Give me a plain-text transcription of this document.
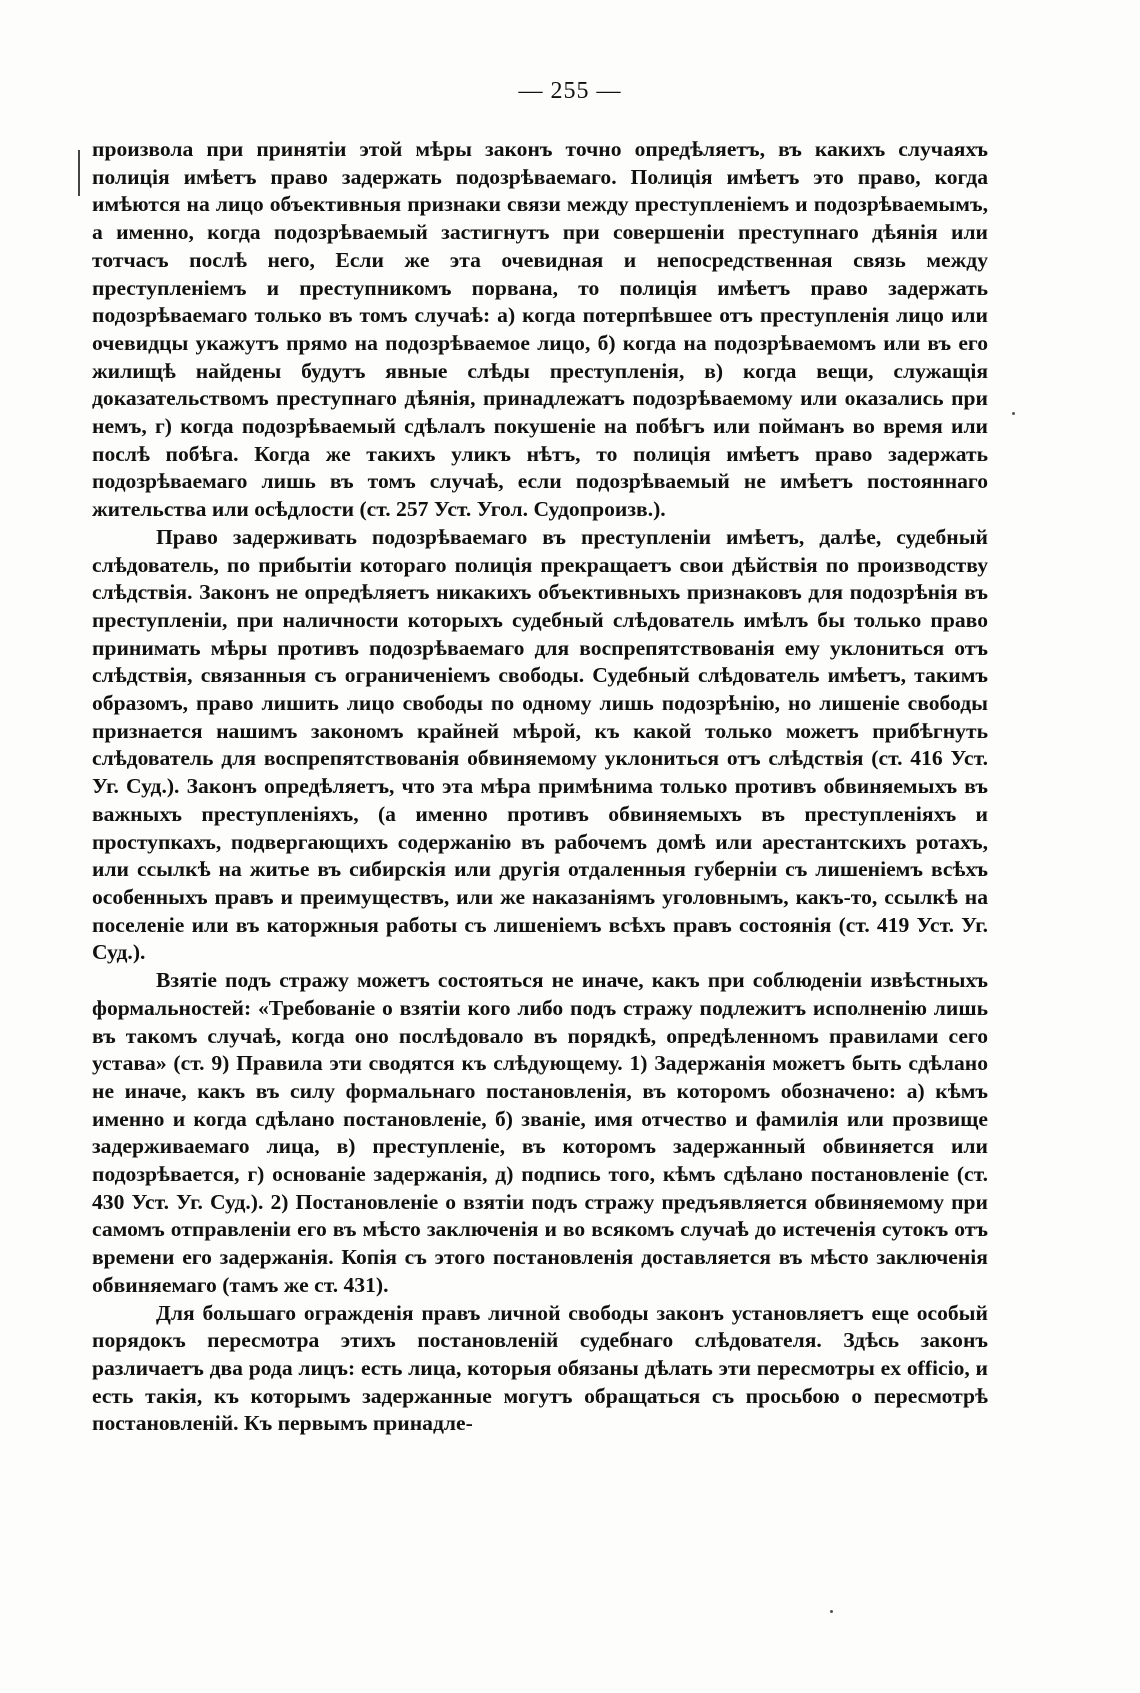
— 255 —

произвола при принятіи этой мѣры законъ точно опредѣляетъ, въ какихъ случаяхъ полиція имѣетъ право задержать подозрѣваемаго. Полиція имѣетъ это право, когда имѣются на лицо объективныя признаки связи между преступленіемъ и подозрѣваемымъ, а именно, когда подозрѣваемый застигнутъ при совершеніи преступнаго дѣянія или тотчасъ послѣ него, Если же эта очевидная и непосредственная связь между преступленіемъ и преступникомъ порвана, то полиція имѣетъ право задержать подозрѣваемаго только въ томъ случаѣ: а) когда потерпѣвшее отъ преступленія лицо или очевидцы укажутъ прямо на подозрѣваемое лицо, б) когда на подозрѣваемомъ или въ его жилищѣ найдены будутъ явные слѣды преступленія, в) когда вещи, служащія доказательствомъ преступнаго дѣянія, принадлежатъ подозрѣваемому или оказались при немъ, г) когда подозрѣваемый сдѣлалъ покушеніе на побѣгъ или пойманъ во время или послѣ побѣга. Когда же такихъ уликъ нѣтъ, то полиція имѣетъ право задержать подозрѣваемаго лишь въ томъ случаѣ, если подозрѣваемый не имѣетъ постояннаго жительства или осѣдлости (ст. 257 Уст. Угол. Судопроизв.).

Право задерживать подозрѣваемаго въ преступленіи имѣетъ, далѣе, судебный слѣдователь, по прибытіи котораго полиція прекращаетъ свои дѣйствія по производству слѣдствія. Законъ не опредѣляетъ никакихъ объективныхъ признаковъ для подозрѣнія въ преступленіи, при наличности которыхъ судебный слѣдователь имѣлъ бы только право принимать мѣры противъ подозрѣваемаго для воспрепятствованія ему уклониться отъ слѣдствія, связанныя съ ограниченіемъ свободы. Судебный слѣдователь имѣетъ, такимъ образомъ, право лишить лицо свободы по одному лишь подозрѣнію, но лишеніе свободы признается нашимъ закономъ крайней мѣрой, къ какой только можетъ прибѣгнуть слѣдователь для воспрепятствованія обвиняемому уклониться отъ слѣдствія (ст. 416 Уст. Уг. Суд.). Законъ опредѣляетъ, что эта мѣра примѣнима только противъ обвиняемыхъ въ важныхъ преступленіяхъ, (а именно противъ обвиняемыхъ въ преступленіяхъ и проступкахъ, подвергающихъ содержанію въ рабочемъ домѣ или арестантскихъ ротахъ, или ссылкѣ на житье въ сибирскія или другія отдаленныя губерніи съ лишеніемъ всѣхъ особенныхъ правъ и преимуществъ, или же наказаніямъ уголовнымъ, какъ-то, ссылкѣ на поселеніе или въ каторжныя работы съ лишеніемъ всѣхъ правъ состоянія (ст. 419 Уст. Уг. Суд.).

Взятіе подъ стражу можетъ состояться не иначе, какъ при соблюденіи извѣстныхъ формальностей: «Требованіе о взятіи кого либо подъ стражу подлежитъ исполненію лишь въ такомъ случаѣ, когда оно послѣдовало въ порядкѣ, опредѣленномъ правилами сего устава» (ст. 9) Правила эти сводятся къ слѣдующему. 1) Задержанія можетъ быть сдѣлано не иначе, какъ въ силу формальнаго постановленія, въ которомъ обозначено: а) кѣмъ именно и когда сдѣлано постановленіе, б) званіе, имя отчество и фамилія или прозвище задерживаемаго лица, в) преступленіе, въ которомъ задержанный обвиняется или подозрѣвается, г) основаніе задержанія, д) подпись того, кѣмъ сдѣлано постановленіе (ст. 430 Уст. Уг. Суд.). 2) Постановленіе о взятіи подъ стражу предъявляется обвиняемому при самомъ отправленіи его въ мѣсто заключенія и во всякомъ случаѣ до истеченія сутокъ отъ времени его задержанія. Копія съ этого постановленія доставляется въ мѣсто заключенія обвиняемаго (тамъ же ст. 431).

Для большаго огражденія правъ личной свободы законъ установляетъ еще особый порядокъ пересмотра этихъ постановленій судебнаго слѣдователя. Здѣсь законъ различаетъ два рода лицъ: есть лица, которыя обязаны дѣлать эти пересмотры ex officio, и есть такія, къ которымъ задержанные могутъ обращаться съ просьбою о пересмотрѣ постановленій. Къ первымъ принадле-
